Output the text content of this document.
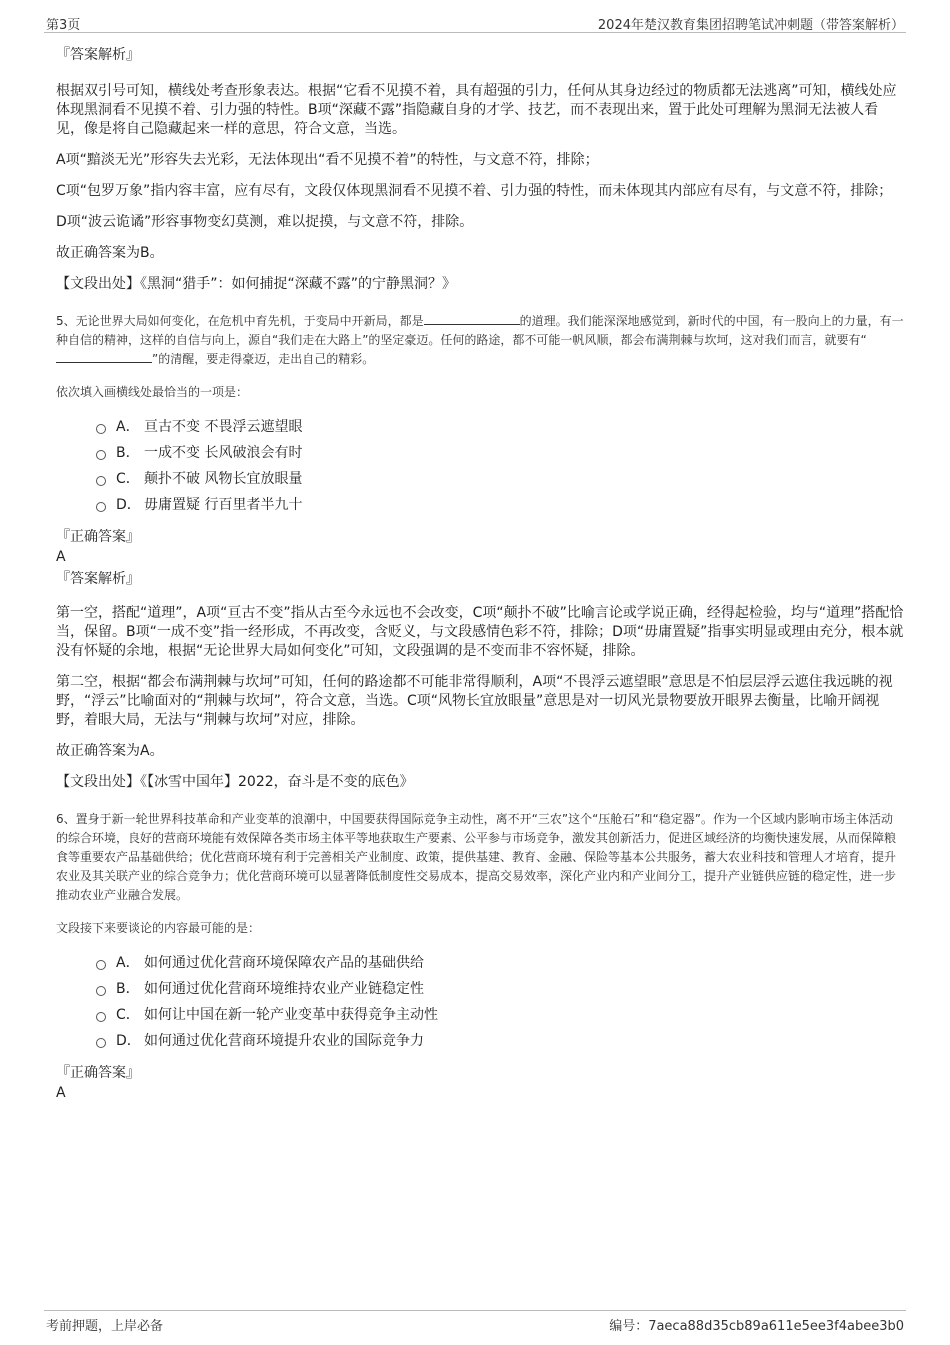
第3页	2024年楚汉教育集团招聘笔试冲刺题（带答案解析）

『答案解析』

根据双引号可知，横线处考查形象表达。根据“它看不见摸不着，具有超强的引力，任何从其身边经过的物质都无法逃离”可知，横线处应体现黑洞看不见摸不着、引力强的特性。B项“深藏不露”指隐藏自身的才学、技艺，而不表现出来，置于此处可理解为黑洞无法被人看见，像是将自己隐藏起来一样的意思，符合文意，当选。

A项“黯淡无光”形容失去光彩，无法体现出“看不见摸不着”的特性，与文意不符，排除；

C项“包罗万象”指内容丰富，应有尽有，文段仅体现黑洞看不见摸不着、引力强的特性，而未体现其内部应有尽有，与文意不符，排除；

D项“波云诡谲”形容事物变幻莫测，难以捉摸，与文意不符，排除。

故正确答案为B。

【文段出处】《黑洞“猎手”：如何捕捉“深藏不露”的宁静黑洞？》

5、无论世界大局如何变化，在危机中育先机，于变局中开新局，都是	的道理。我们能深深地感觉到，新时代的中国，有一股向上的力量，有一种自信的精神，这样的自信与向上，源自“我们走在大路上”的坚定豪迈。任何的路途，都不可能一帆风顺，都会布满荆棘与坎坷，这对我们而言，就要有“”的清醒，要走得豪迈，走出自己的精彩。

依次填入画横线处最恰当的一项是：

A． 亘古不变 不畏浮云遮望眼
B． 一成不变 长风破浪会有时
C． 颠扑不破 风物长宜放眼量
D． 毋庸置疑 行百里者半九十

『正确答案』

A

『答案解析』

第一空，搭配“道理”，A项“亘古不变”指从古至今永远也不会改变，C项“颠扑不破”比喻言论或学说正确，经得起检验，均与“道理”搭配恰当，保留。B项“一成不变”指一经形成，不再改变，含贬义，与文段感情色彩不符，排除；D项“毋庸置疑”指事实明显或理由充分，根本就没有怀疑的余地，根据“无论世界大局如何变化”可知，文段强调的是不变而非不容怀疑，排除。

第二空，根据“都会布满荆棘与坎坷”可知，任何的路途都不可能非常得顺利，A项“不畏浮云遮望眼”意思是不怕层层浮云遮住我远眺的视野，“浮云”比喻面对的“荆棘与坎坷”，符合文意，当选。C项“风物长宜放眼量”意思是对一切风光景物要放开眼界去衡量，比喻开阔视野，着眼大局，无法与“荆棘与坎坷”对应，排除。

故正确答案为A。

【文段出处】《【冰雪中国年】2022，奋斗是不变的底色》

6、置身于新一轮世界科技革命和产业变革的浪潮中，中国要获得国际竞争主动性，离不开“三农”这个“压舱石”和“稳定器”。作为一个区域内影响市场主体活动的综合环境，良好的营商环境能有效保障各类市场主体平等地获取生产要素、公平参与市场竞争，激发其创新活力，促进区域经济的均衡快速发展，从而保障粮食等重要农产品基础供给；优化营商环境有利于完善相关产业制度、政策，提供基建、教育、金融、保险等基本公共服务，蓄大农业科技和管理人才培育，提升农业及其关联产业的综合竞争力；优化营商环境可以显著降低制度性交易成本，提高交易效率，深化产业内和产业间分工，提升产业链供应链的稳定性，进一步推动农业产业融合发展。

文段接下来要谈论的内容最可能的是：

A． 如何通过优化营商环境保障农产品的基础供给
B． 如何通过优化营商环境维持农业产业链稳定性
C． 如何让中国在新一轮产业变革中获得竞争主动性
D． 如何通过优化营商环境提升农业的国际竞争力

『正确答案』

A

考前押题，上岸必备	编号：7aeca88d35cb89a611e5ee3f4abee3b0
